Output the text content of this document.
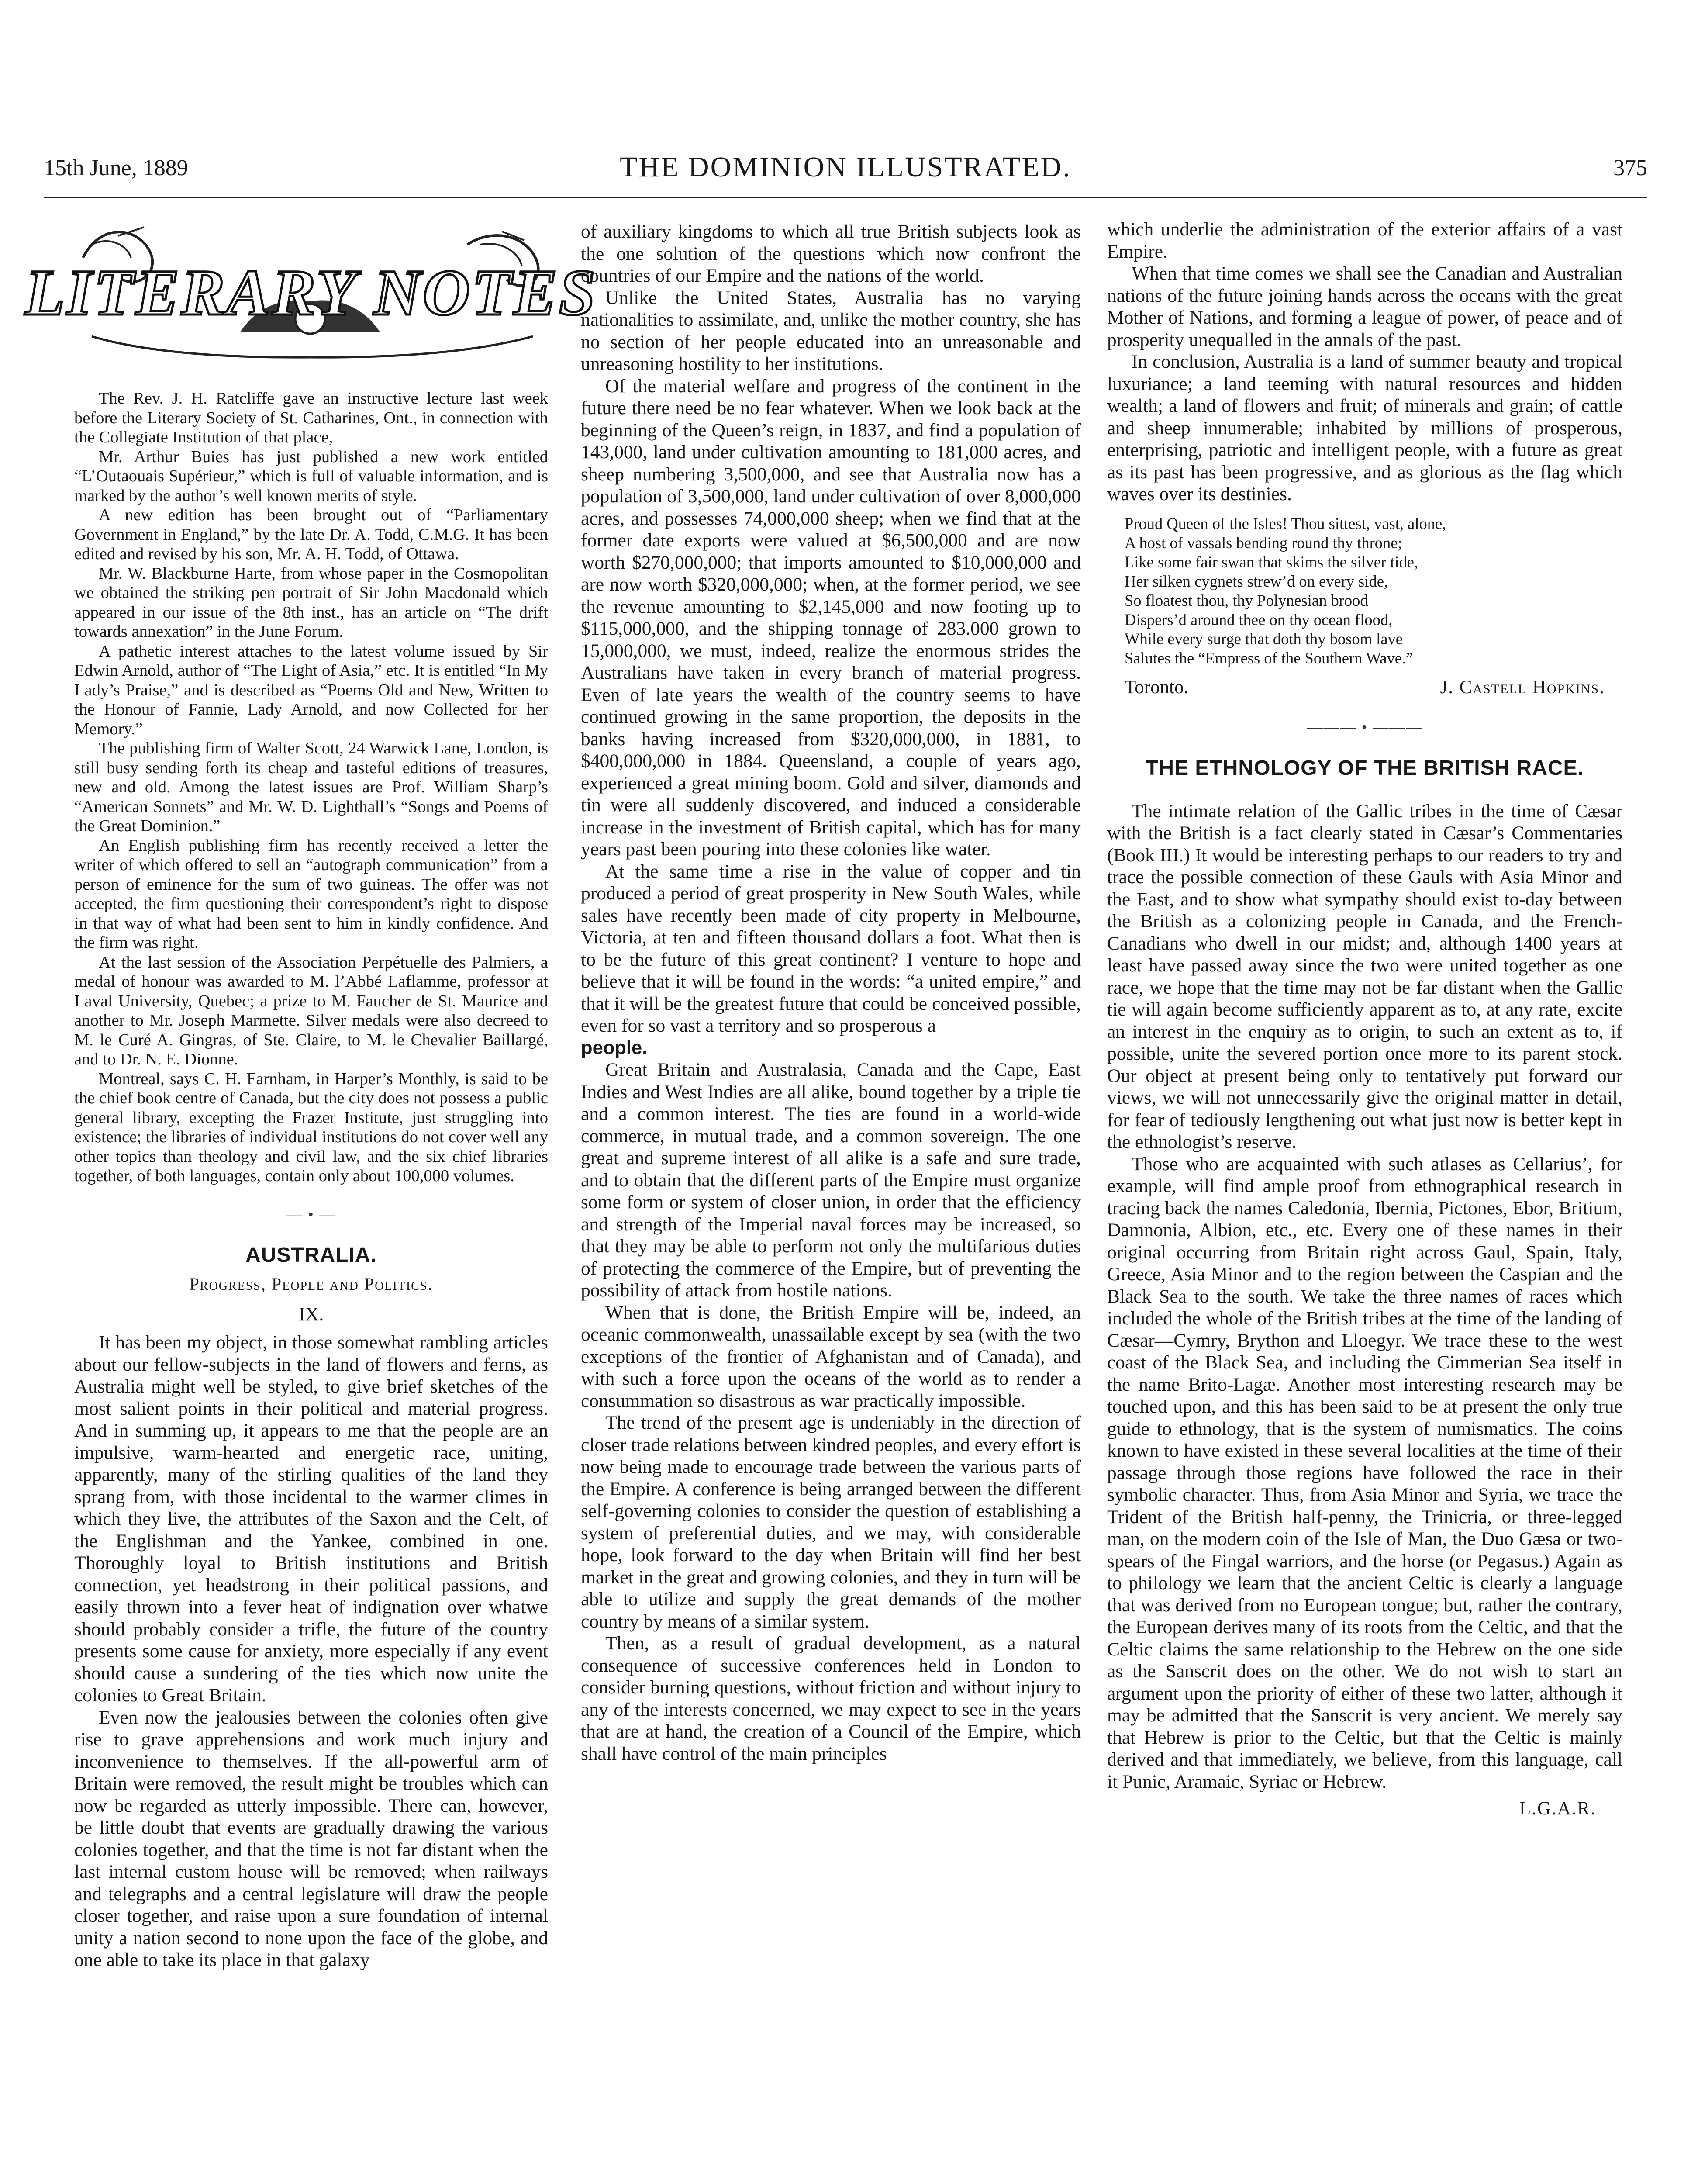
15th June, 1889	THE DOMINION ILLUSTRATED.	375
LITERARY NOTES

The Rev. J. H. Ratcliffe gave an instructive lecture last week before the Literary Society of St. Catharines, Ont., in connection with the Collegiate Institution of that place,

Mr. Arthur Buies has just published a new work entitled “L’Outaouais Supérieur,” which is full of valuable information, and is marked by the author’s well known merits of style.

A new edition has been brought out of “Parliamentary Government in England,” by the late Dr. A. Todd, C.M.G. It has been edited and revised by his son, Mr. A. H. Todd, of Ottawa.

Mr. W. Blackburne Harte, from whose paper in the Cosmopolitan we obtained the striking pen portrait of Sir John Macdonald which appeared in our issue of the 8th inst., has an article on “The drift towards annexation” in the June Forum.

A pathetic interest attaches to the latest volume issued by Sir Edwin Arnold, author of “The Light of Asia,” etc. It is entitled “In My Lady’s Praise,” and is described as “Poems Old and New, Written to the Honour of Fannie, Lady Arnold, and now Collected for her Memory.”

The publishing firm of Walter Scott, 24 Warwick Lane, London, is still busy sending forth its cheap and tasteful editions of treasures, new and old. Among the latest issues are Prof. William Sharp’s “American Sonnets” and Mr. W. D. Lighthall’s “Songs and Poems of the Great Dominion.”

An English publishing firm has recently received a letter the writer of which offered to sell an “autograph communication” from a person of eminence for the sum of two guineas. The offer was not accepted, the firm questioning their correspondent’s right to dispose in that way of what had been sent to him in kindly confidence. And the firm was right.

At the last session of the Association Perpétuelle des Palmiers, a medal of honour was awarded to M. l’Abbé Laflamme, professor at Laval University, Quebec; a prize to M. Faucher de St. Maurice and another to Mr. Joseph Marmette. Silver medals were also decreed to M. le Curé A. Gingras, of Ste. Claire, to M. le Chevalier Baillargé, and to Dr. N. E. Dionne.

Montreal, says C. H. Farnham, in Harper’s Monthly, is said to be the chief book centre of Canada, but the city does not possess a public general library, excepting the Frazer Institute, just struggling into existence; the libraries of individual institutions do not cover well any other topics than theology and civil law, and the six chief libraries together, of both languages, contain only about 100,000 volumes.

— • —
AUSTRALIA.
Progress, People and Politics.
IX.

It has been my object, in those somewhat rambling articles about our fellow-subjects in the land of flowers and ferns, as Australia might well be styled, to give brief sketches of the most salient points in their political and material progress. And in summing up, it appears to me that the people are an impulsive, warm-hearted and energetic race, uniting, apparently, many of the stirling qualities of the land they sprang from, with those incidental to the warmer climes in which they live, the attributes of the Saxon and the Celt, of the Englishman and the Yankee, combined in one. Thoroughly loyal to British institutions and British connection, yet headstrong in their political passions, and easily thrown into a fever heat of indignation over whatwe should probably consider a trifle, the future of the country presents some cause for anxiety, more especially if any event should cause a sundering of the ties which now unite the colonies to Great Britain.

Even now the jealousies between the colonies often give rise to grave apprehensions and work much injury and inconvenience to themselves. If the all-powerful arm of Britain were removed, the result might be troubles which can now be regarded as utterly impossible. There can, however, be little doubt that events are gradually drawing the various colonies together, and that the time is not far distant when the last internal custom house will be removed; when railways and telegraphs and a central legislature will draw the people closer together, and raise upon a sure foundation of internal unity a nation second to none upon the face of the globe, and one able to take its place in that galaxy

of auxiliary kingdoms to which all true British subjects look as the one solution of the questions which now confront the countries of our Empire and the nations of the world.

Unlike the United States, Australia has no varying nationalities to assimilate, and, unlike the mother country, she has no section of her people educated into an unreasonable and unreasoning hostility to her institutions.

Of the material welfare and progress of the continent in the future there need be no fear whatever. When we look back at the beginning of the Queen’s reign, in 1837, and find a population of 143,000, land under cultivation amounting to 181,000 acres, and sheep numbering 3,500,000, and see that Australia now has a population of 3,500,000, land under cultivation of over 8,000,000 acres, and possesses 74,000,000 sheep; when we find that at the former date exports were valued at $6,500,000 and are now worth $270,000,000; that imports amounted to $10,000,000 and are now worth $320,000,000; when, at the former period, we see the revenue amounting to $2,145,000 and now footing up to $115,000,000, and the shipping tonnage of 283.000 grown to 15,000,000, we must, indeed, realize the enormous strides the Australians have taken in every branch of material progress. Even of late years the wealth of the country seems to have continued growing in the same proportion, the deposits in the banks having increased from $320,000,000, in 1881, to $400,000,000 in 1884. Queensland, a couple of years ago, experienced a great mining boom. Gold and silver, diamonds and tin were all suddenly discovered, and induced a considerable increase in the investment of British capital, which has for many years past been pouring into these colonies like water.

At the same time a rise in the value of copper and tin produced a period of great prosperity in New South Wales, while sales have recently been made of city property in Melbourne, Victoria, at ten and fifteen thousand dollars a foot. What then is to be the future of this great continent? I venture to hope and believe that it will be found in the words: “a united empire,” and that it will be the greatest future that could be conceived possible, even for so vast a territory and so prosperous a

people.

Great Britain and Australasia, Canada and the Cape, East Indies and West Indies are all alike, bound together by a triple tie and a common interest. The ties are found in a world-wide commerce, in mutual trade, and a common sovereign. The one great and supreme interest of all alike is a safe and sure trade, and to obtain that the different parts of the Empire must organize some form or system of closer union, in order that the efficiency and strength of the Imperial naval forces may be increased, so that they may be able to perform not only the multifarious duties of protecting the commerce of the Empire, but of preventing the possibility of attack from hostile nations.

When that is done, the British Empire will be, indeed, an oceanic commonwealth, unassailable except by sea (with the two exceptions of the frontier of Afghanistan and of Canada), and with such a force upon the oceans of the world as to render a consummation so disastrous as war practically impossible.

The trend of the present age is undeniably in the direction of closer trade relations between kindred peoples, and every effort is now being made to encourage trade between the various parts of the Empire. A conference is being arranged between the different self-governing colonies to consider the question of establishing a system of preferential duties, and we may, with considerable hope, look forward to the day when Britain will find her best market in the great and growing colonies, and they in turn will be able to utilize and supply the great demands of the mother country by means of a similar system.

Then, as a result of gradual development, as a natural consequence of successive conferences held in London to consider burning questions, without friction and without injury to any of the interests concerned, we may expect to see in the years that are at hand, the creation of a Council of the Empire, which shall have control of the main principles

which underlie the administration of the exterior affairs of a vast Empire.

When that time comes we shall see the Canadian and Australian nations of the future joining hands across the oceans with the great Mother of Nations, and forming a league of power, of peace and of prosperity unequalled in the annals of the past.

In conclusion, Australia is a land of summer beauty and tropical luxuriance; a land teeming with natural resources and hidden wealth; a land of flowers and fruit; of minerals and grain; of cattle and sheep innumerable; inhabited by millions of prosperous, enterprising, patriotic and intelligent people, with a future as great as its past has been progressive, and as glorious as the flag which waves over its destinies.

Proud Queen of the Isles! Thou sittest, vast, alone,
A host of vassals bending round thy throne;
Like some fair swan that skims the silver tide,
Her silken cygnets strew’d on every side,
So floatest thou, thy Polynesian brood
Dispers’d around thee on thy ocean flood,
While every surge that doth thy bosom lave
Salutes the “Empress of the Southern Wave.”
Toronto.	J. Castell Hopkins.
——— • ———
THE ETHNOLOGY OF THE BRITISH RACE.

The intimate relation of the Gallic tribes in the time of Cæsar with the British is a fact clearly stated in Cæsar’s Commentaries (Book III.) It would be interesting perhaps to our readers to try and trace the possible connection of these Gauls with Asia Minor and the East, and to show what sympathy should exist to-day between the British as a colonizing people in Canada, and the French-Canadians who dwell in our midst; and, although 1400 years at least have passed away since the two were united together as one race, we hope that the time may not be far distant when the Gallic tie will again become sufficiently apparent as to, at any rate, excite an interest in the enquiry as to origin, to such an extent as to, if possible, unite the severed portion once more to its parent stock. Our object at present being only to tentatively put forward our views, we will not unnecessarily give the original matter in detail, for fear of tediously lengthening out what just now is better kept in the ethnologist’s reserve.

Those who are acquainted with such atlases as Cellarius’, for example, will find ample proof from ethnographical research in tracing back the names Caledonia, Ibernia, Pictones, Ebor, Britium, Damnonia, Albion, etc., etc. Every one of these names in their original occurring from Britain right across Gaul, Spain, Italy, Greece, Asia Minor and to the region between the Caspian and the Black Sea to the south. We take the three names of races which included the whole of the British tribes at the time of the landing of Cæsar—Cymry, Brython and Lloegyr. We trace these to the west coast of the Black Sea, and including the Cimmerian Sea itself in the name Brito-Lagæ. Another most interesting research may be touched upon, and this has been said to be at present the only true guide to ethnology, that is the system of numismatics. The coins known to have existed in these several localities at the time of their passage through those regions have followed the race in their symbolic character. Thus, from Asia Minor and Syria, we trace the Trident of the British half-penny, the Trinicria, or three-legged man, on the modern coin of the Isle of Man, the Duo Gæsa or two-spears of the Fingal warriors, and the horse (or Pegasus.) Again as to philology we learn that the ancient Celtic is clearly a language that was derived from no European tongue; but, rather the contrary, the European derives many of its roots from the Celtic, and that the Celtic claims the same relationship to the Hebrew on the one side as the Sanscrit does on the other. We do not wish to start an argument upon the priority of either of these two latter, although it may be admitted that the Sanscrit is very ancient. We merely say that Hebrew is prior to the Celtic, but that the Celtic is mainly derived and that immediately, we believe, from this language, call it Punic, Aramaic, Syriac or Hebrew.

L.G.A.R.
